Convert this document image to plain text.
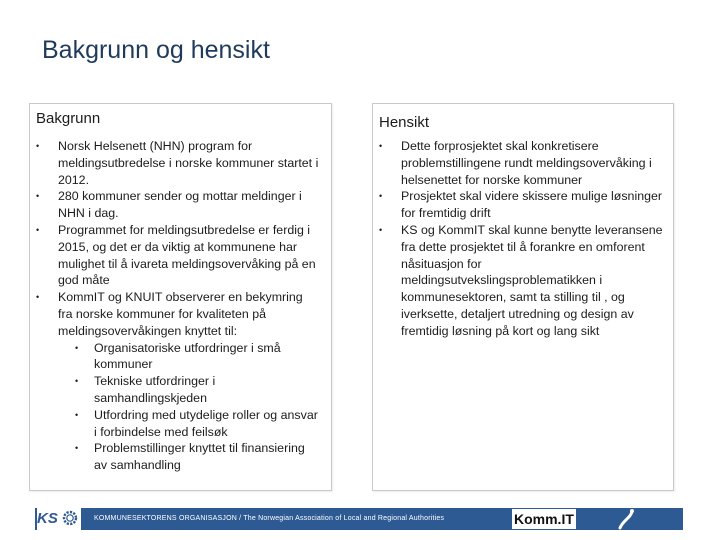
Bakgrunn og hensikt
Bakgrunn
• Norsk Helsenett (NHN) program for meldingsutbredelse i norske kommuner startet i 2012.
• 280 kommuner sender og mottar meldinger i NHN i dag.
• Programmet for meldingsutbredelse er ferdig i 2015, og det er da viktig at kommunene har mulighet til å ivareta meldingsovervåking på en god måte
• KommIT og KNUIT observerer en bekymring fra norske kommuner for kvaliteten på meldingsovervåkingen knyttet til:
• Organisatoriske utfordringer i små kommuner
• Tekniske utfordringer i samhandlingskjeden
• Utfordring med utydelige roller og ansvar i forbindelse med feilsøk
• Problemstillinger knyttet til finansiering av samhandling
Hensikt
• Dette forprosjektet skal konkretisere problemstillingene rundt meldingsovervåking i helsenettet for norske kommuner
• Prosjektet skal videre skissere mulige løsninger for fremtidig drift
• KS og KommIT skal kunne benytte leveransene fra dette prosjektet til å forankre en omforent nåsituasjon for meldingsutvekslingsproblematikken i kommunesektoren, samt ta stilling til , og iverksette, detaljert utredning og design av fremtidig løsning på kort og lang sikt
KS	KOMMUNESEKTORENS ORGANISASJON / The Norwegian Association of Local and Regional Authorities	Komm.IT
